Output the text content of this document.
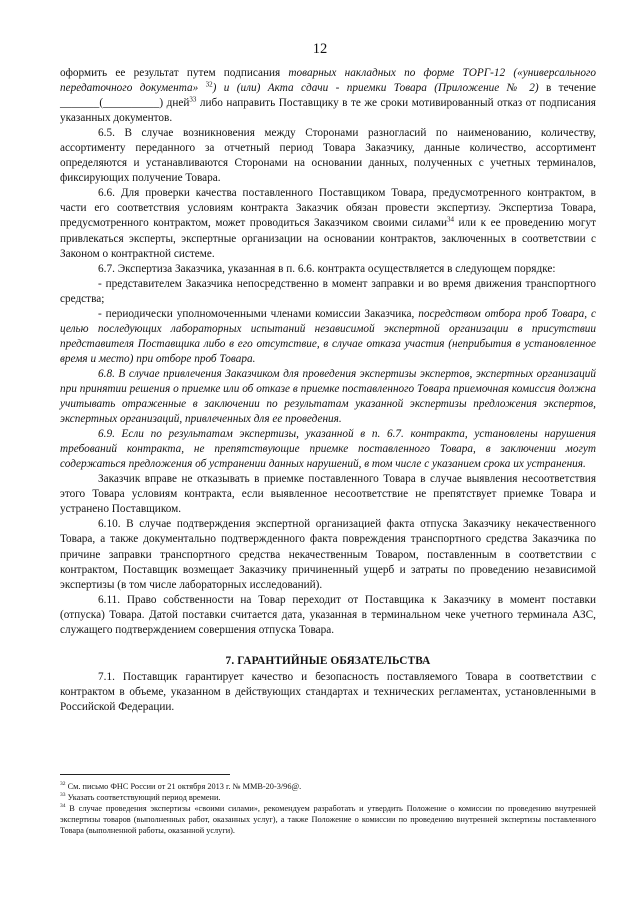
12

оформить ее результат путем подписания товарных накладных по форме ТОРГ-12 («универсального передаточного документа» $^{32}$) и (или) Акта сдачи - приемки Товара (Приложение № 2) в течение _______(__________) дней$^{33}$ либо направить Поставщику в те же сроки мотивированный отказ от подписания указанных документов.

6.5. В случае возникновения между Сторонами разногласий по наименованию, количеству, ассортименту переданного за отчетный период Товара Заказчику, данные количество, ассортимент определяются и устанавливаются Сторонами на основании данных, полученных с учетных терминалов, фиксирующих получение Товара.

6.6. Для проверки качества поставленного Поставщиком Товара, предусмотренного контрактом, в части его соответствия условиям контракта Заказчик обязан провести экспертизу. Экспертиза Товара, предусмотренного контрактом, может проводиться Заказчиком своими силами$^{34}$ или к ее проведению могут привлекаться эксперты, экспертные организации на основании контрактов, заключенных в соответствии с Законом о контрактной системе.

6.7. Экспертиза Заказчика, указанная в п. 6.6. контракта осуществляется в следующем порядке:

- представителем Заказчика непосредственно в момент заправки и во время движения транспортного средства;

- периодически уполномоченными членами комиссии Заказчика, посредством отбора проб Товара, с целью последующих лабораторных испытаний независимой экспертной организации в присутствии представителя Поставщика либо в его отсутствие, в случае отказа участия (неприбытия в установленное время и место) при отборе проб Товара.

6.8. В случае привлечения Заказчиком для проведения экспертизы экспертов, экспертных организаций при принятии решения о приемке или об отказе в приемке поставленного Товара приемочная комиссия должна учитывать отраженные в заключении по результатам указанной экспертизы предложения экспертов, экспертных организаций, привлеченных для ее проведения.

6.9. Если по результатам экспертизы, указанной в п. 6.7. контракта, установлены нарушения требований контракта, не препятствующие приемке поставленного Товара, в заключении могут содержаться предложения об устранении данных нарушений, в том числе с указанием срока их устранения.

Заказчик вправе не отказывать в приемке поставленного Товара в случае выявления несоответствия этого Товара условиям контракта, если выявленное несоответствие не препятствует приемке Товара и устранено Поставщиком.

6.10. В случае подтверждения экспертной организацией факта отпуска Заказчику некачественного Товара, а также документально подтвержденного факта повреждения транспортного средства Заказчика по причине заправки транспортного средства некачественным Товаром, поставленным в соответствии с контрактом, Поставщик возмещает Заказчику причиненный ущерб и затраты по проведению независимой экспертизы (в том числе лабораторных исследований).

6.11. Право собственности на Товар переходит от Поставщика к Заказчику в момент поставки (отпуска) Товара. Датой поставки считается дата, указанная в терминальном чеке учетного терминала АЗС, служащего подтверждением совершения отпуска Товара.

7. ГАРАНТИЙНЫЕ ОБЯЗАТЕЛЬСТВА

7.1. Поставщик гарантирует качество и безопасность поставляемого Товара в соответствии с контрактом в объеме, указанном в действующих стандартах и технических регламентах, установленными в Российской Федерации.

$^{32}$ См. письмо ФНС России от 21 октября 2013 г. № ММВ-20-3/96@.

$^{33}$ Указать соответствующий период времени.

$^{34}$ В случае проведения экспертизы «своими силами», рекомендуем разработать и утвердить Положение о комиссии по проведению внутренней экспертизы товаров (выполненных работ, оказанных услуг), а также Положение о комиссии по проведению внутренней экспертизы поставленного Товара (выполненной работы, оказанной услуги).
